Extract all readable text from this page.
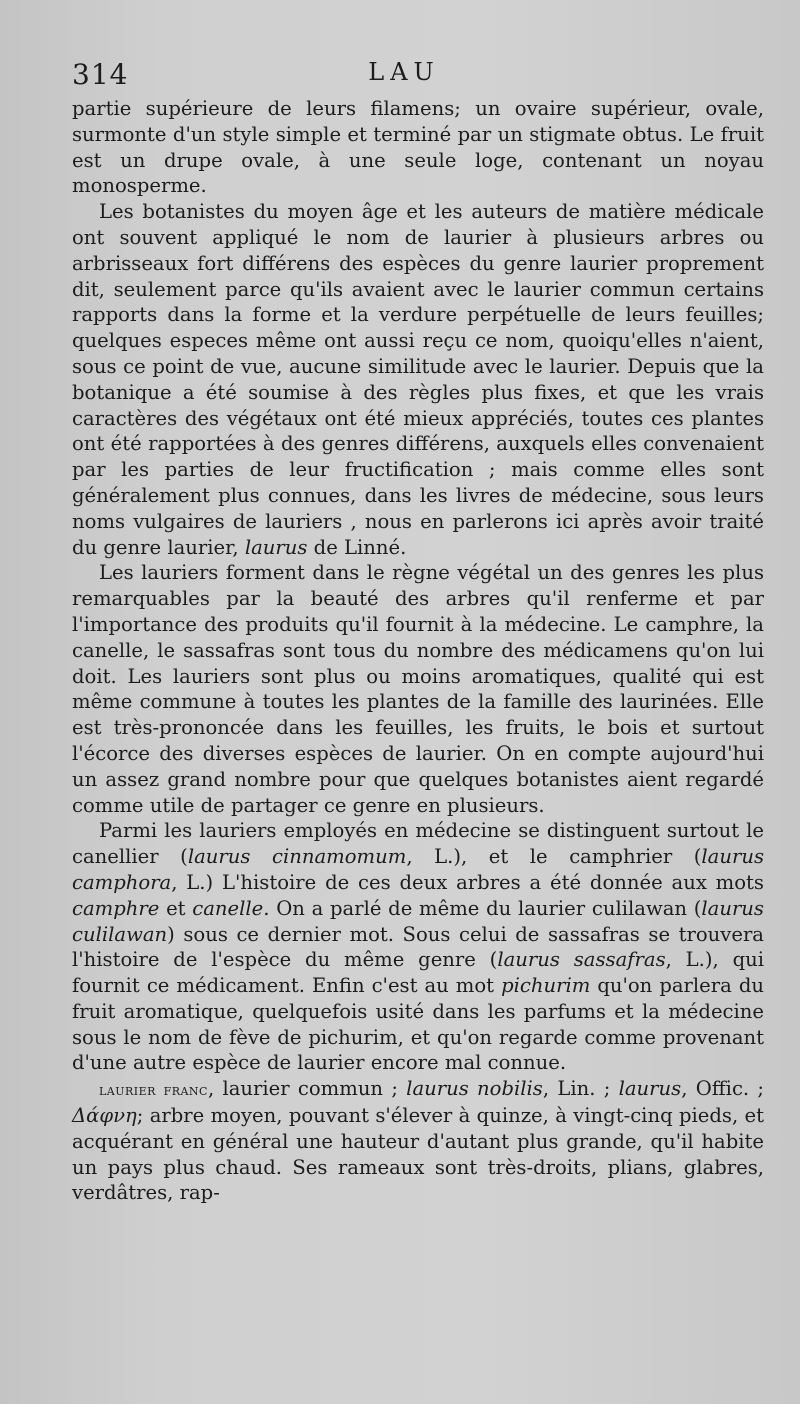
314	LAU

partie supérieure de leurs filamens; un ovaire supérieur, ovale, surmonte d'un style simple et terminé par un stigmate obtus. Le fruit est un drupe ovale, à une seule loge, contenant un noyau monosperme.

Les botanistes du moyen âge et les auteurs de matière médicale ont souvent appliqué le nom de laurier à plusieurs arbres ou arbrisseaux fort différens des espèces du genre laurier proprement dit, seulement parce qu'ils avaient avec le laurier commun certains rapports dans la forme et la verdure perpétuelle de leurs feuilles; quelques especes même ont aussi reçu ce nom, quoiqu'elles n'aient, sous ce point de vue, aucune similitude avec le laurier. Depuis que la botanique a été soumise à des règles plus fixes, et que les vrais caractères des végétaux ont été mieux appréciés, toutes ces plantes ont été rapportées à des genres différens, auxquels elles convenaient par les parties de leur fructification ; mais comme elles sont généralement plus connues, dans les livres de médecine, sous leurs noms vulgaires de lauriers , nous en parlerons ici après avoir traité du genre laurier, laurus de Linné.

Les lauriers forment dans le règne végétal un des genres les plus remarquables par la beauté des arbres qu'il renferme et par l'importance des produits qu'il fournit à la médecine. Le camphre, la canelle, le sassafras sont tous du nombre des médicamens qu'on lui doit. Les lauriers sont plus ou moins aromatiques, qualité qui est même commune à toutes les plantes de la famille des laurinées. Elle est très-prononcée dans les feuilles, les fruits, le bois et surtout l'écorce des diverses espèces de laurier. On en compte aujourd'hui un assez grand nombre pour que quelques botanistes aient regardé comme utile de partager ce genre en plusieurs.

Parmi les lauriers employés en médecine se distinguent surtout le canellier (laurus cinnamomum, L.), et le camphrier (laurus camphora, L.) L'histoire de ces deux arbres a été donnée aux mots camphre et canelle. On a parlé de même du laurier culilawan (laurus culilawan) sous ce dernier mot. Sous celui de sassafras se trouvera l'histoire de l'espèce du même genre (laurus sassafras, L.), qui fournit ce médicament. Enfin c'est au mot pichurim qu'on parlera du fruit aromatique, quelquefois usité dans les parfums et la médecine sous le nom de fève de pichurim, et qu'on regarde comme provenant d'une autre espèce de laurier encore mal connue.

laurier franc, laurier commun ; laurus nobilis, Lin. ; laurus, Offic. ; Δάφνη; arbre moyen, pouvant s'élever à quinze, à vingt-cinq pieds, et acquérant en général une hauteur d'autant plus grande, qu'il habite un pays plus chaud. Ses rameaux sont très-droits, plians, glabres, verdâtres, rap-
